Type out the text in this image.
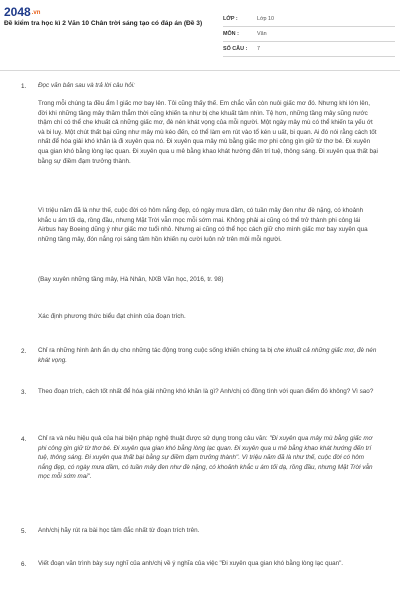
2048.vn
Đề kiểm tra học kì 2 Văn 10 Chân trời sáng tạo có đáp án (Đề 3)
LỚP :	Lớp 10
MÔN :	Văn
SỐ CÂU :	7
1. Đọc văn bản sau và trả lời câu hỏi:
Trong mỗi chúng ta đều ẩm ỉ giấc mơ bay lên. Tôi cũng thấy thế. Em chắc vẫn còn nuôi giấc mơ đó. Nhưng khi lớn lên, đời khi những tầng mây thăm thẳm thời cũng khiến ta như bị che khuất tâm nhìn. Tệ hơn, những tầng mây sũng nước thậm chí có thể che khuất cả những giấc mơ, đè nén khát vọng của mỗi người. Một ngày mây mù có thể khiến ta yếu ớt và bi luỵ. Một chút thất bại cũng như mây mù kéo đến, có thể làm em rút vào tổ kén u uất, bi quan. Ai đó nói rằng cách tốt nhất để hóa giải khó khăn là đi xuyên qua nó. Đi xuyên qua mây mù bằng giấc mơ phi công gìn giữ từ thơ bé. Đi xuyên qua gian khó bằng lòng lạc quan. Đi xuyên qua u mê bằng khao khát hướng đến trí tuệ, thông sáng. Đi xuyên qua thất bại bằng sự điềm đạm trưởng thành.
Vì triệu năm đã là như thế, cuộc đời có hôm nắng đẹp, có ngày mưa dầm, có tuần mây đen như đè nặng, có khoảnh khắc u ám tối dạ, rồng đầu, nhưng Mặt Trời vẫn mọc mỗi sớm mai. Không phải ai cũng có thể trở thành phi công lái Airbus hay Boeing dũng ý như giấc mơ tuổi nhỏ. Nhưng ai cũng có thể học cách giữ cho mình giấc mơ bay xuyên qua những tầng mây, đón nắng rọi sáng tâm hồn khiến nụ cười luôn nở trên môi mỗi người.
(Bay xuyên những tầng mây, Hà Nhân, NXB Văn học, 2016, tr. 98)
Xác định phương thức biểu đạt chính của đoạn trích.
2. Chỉ ra những hình ảnh ẩn dụ cho những tác động trong cuộc sống khiến chúng ta bị che khuất cả những giấc mơ, đè nén khát vọng.
3. Theo đoạn trích, cách tốt nhất để hóa giải những khó khăn là gì? Anh/chị có đồng tình với quan điểm đó không? Vì sao?
4. Chỉ ra và nêu hiệu quả của hai biện pháp nghệ thuật được sử dụng trong câu văn: "Đi xuyên qua mây mù bằng giấc mơ phi công gìn giữ từ thơ bé. Đi xuyên qua gian khó bằng lòng lạc quan. Đi xuyên qua u mê bằng khao khát hướng đến trí tuệ, thông sáng. Đi xuyên qua thất bại bằng sự điềm đạm trưởng thành". Vì triệu năm đã là như thế, cuộc đời có hôm nắng đẹp, có ngày mưa dầm, có tuần mây đen như đè nặng, có khoảnh khắc u ám tối dạ, rồng đầu, nhưng Mặt Trời vẫn mọc mỗi sớm mai".
5. Anh/chị hãy rút ra bài học tâm đắc nhất từ đoạn trích trên.
6. Viết đoạn văn trình bày suy nghĩ của anh/chị về ý nghĩa của việc "Đi xuyên qua gian khó bằng lòng lạc quan".
